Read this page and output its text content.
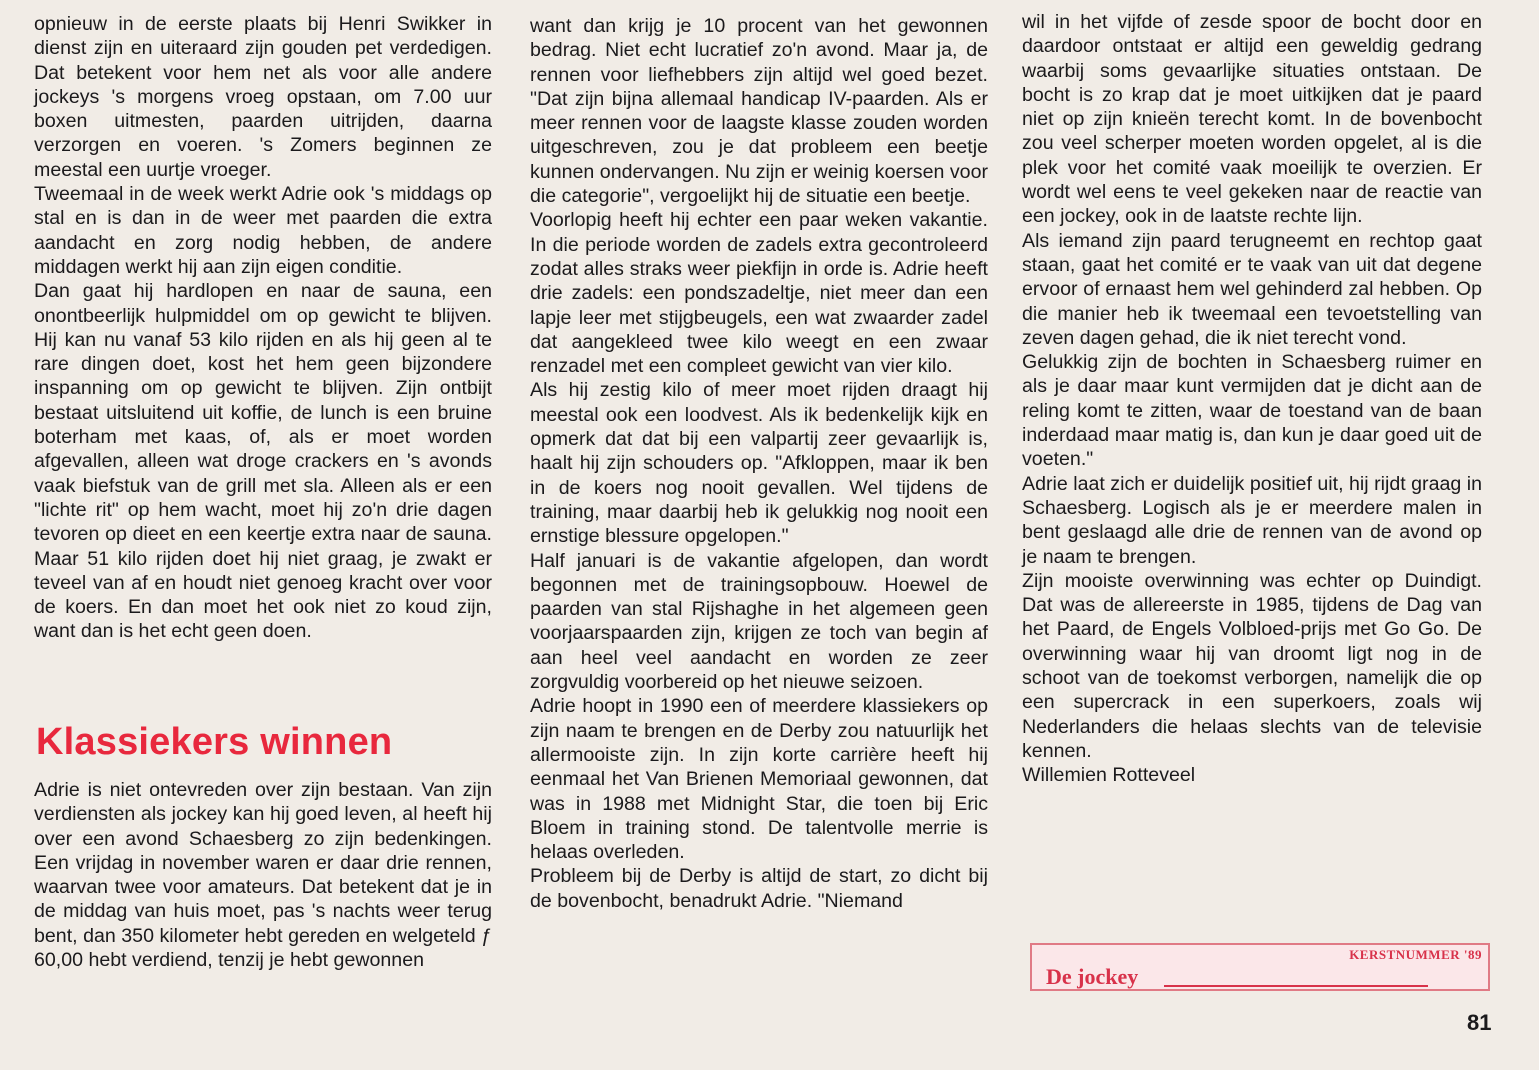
opnieuw in de eerste plaats bij Henri Swikker in dienst zijn en uiteraard zijn gouden pet verdedigen. Dat betekent voor hem net als voor alle andere jockeys 's morgens vroeg opstaan, om 7.00 uur boxen uitmesten, paarden uitrijden, daarna verzorgen en voeren. 's Zomers beginnen ze meestal een uurtje vroeger.

Tweemaal in de week werkt Adrie ook 's middags op stal en is dan in de weer met paarden die extra aandacht en zorg nodig hebben, de andere middagen werkt hij aan zijn eigen conditie.

Dan gaat hij hardlopen en naar de sauna, een onontbeerlijk hulpmiddel om op gewicht te blijven. Hij kan nu vanaf 53 kilo rijden en als hij geen al te rare dingen doet, kost het hem geen bijzondere inspanning om op gewicht te blijven. Zijn ontbijt bestaat uitsluitend uit koffie, de lunch is een bruine boterham met kaas, of, als er moet worden afgevallen, alleen wat droge crackers en 's avonds vaak biefstuk van de grill met sla. Alleen als er een "lichte rit" op hem wacht, moet hij zo'n drie dagen tevoren op dieet en een keertje extra naar de sauna. Maar 51 kilo rijden doet hij niet graag, je zwakt er teveel van af en houdt niet genoeg kracht over voor de koers. En dan moet het ook niet zo koud zijn, want dan is het echt geen doen.

Klassiekers winnen

Adrie is niet ontevreden over zijn bestaan. Van zijn verdiensten als jockey kan hij goed leven, al heeft hij over een avond Schaesberg zo zijn bedenkingen. Een vrijdag in november waren er daar drie rennen, waarvan twee voor amateurs. Dat betekent dat je in de middag van huis moet, pas 's nachts weer terug bent, dan 350 kilometer hebt gereden en welgeteld ƒ 60,00 hebt verdiend, tenzij je hebt gewonnen

want dan krijg je 10 procent van het gewonnen bedrag. Niet echt lucratief zo'n avond. Maar ja, de rennen voor liefhebbers zijn altijd wel goed bezet. "Dat zijn bijna allemaal handicap IV-paarden. Als er meer rennen voor de laagste klasse zouden worden uitgeschreven, zou je dat probleem een beetje kunnen ondervangen. Nu zijn er weinig koersen voor die categorie", vergoelijkt hij de situatie een beetje.

Voorlopig heeft hij echter een paar weken vakantie. In die periode worden de zadels extra gecontroleerd zodat alles straks weer piekfijn in orde is. Adrie heeft drie zadels: een pondszadeltje, niet meer dan een lapje leer met stijgbeugels, een wat zwaarder zadel dat aangekleed twee kilo weegt en een zwaar renzadel met een compleet gewicht van vier kilo.

Als hij zestig kilo of meer moet rijden draagt hij meestal ook een loodvest. Als ik bedenkelijk kijk en opmerk dat dat bij een valpartij zeer gevaarlijk is, haalt hij zijn schouders op. "Afkloppen, maar ik ben in de koers nog nooit gevallen. Wel tijdens de training, maar daarbij heb ik gelukkig nog nooit een ernstige blessure opgelopen."

Half januari is de vakantie afgelopen, dan wordt begonnen met de trainingsopbouw. Hoewel de paarden van stal Rijshaghe in het algemeen geen voorjaarspaarden zijn, krijgen ze toch van begin af aan heel veel aandacht en worden ze zeer zorgvuldig voorbereid op het nieuwe seizoen.

Adrie hoopt in 1990 een of meerdere klassiekers op zijn naam te brengen en de Derby zou natuurlijk het allermooiste zijn. In zijn korte carrière heeft hij eenmaal het Van Brienen Memoriaal gewonnen, dat was in 1988 met Midnight Star, die toen bij Eric Bloem in training stond. De talentvolle merrie is helaas overleden.

Probleem bij de Derby is altijd de start, zo dicht bij de bovenbocht, benadrukt Adrie. "Niemand

wil in het vijfde of zesde spoor de bocht door en daardoor ontstaat er altijd een geweldig gedrang waarbij soms gevaarlijke situaties ontstaan. De bocht is zo krap dat je moet uitkijken dat je paard niet op zijn knieën terecht komt. In de bovenbocht zou veel scherper moeten worden opgelet, al is die plek voor het comité vaak moeilijk te overzien. Er wordt wel eens te veel gekeken naar de reactie van een jockey, ook in de laatste rechte lijn.

Als iemand zijn paard terugneemt en rechtop gaat staan, gaat het comité er te vaak van uit dat degene ervoor of ernaast hem wel gehinderd zal hebben. Op die manier heb ik tweemaal een tevoetstelling van zeven dagen gehad, die ik niet terecht vond.

Gelukkig zijn de bochten in Schaesberg ruimer en als je daar maar kunt vermijden dat je dicht aan de reling komt te zitten, waar de toestand van de baan inderdaad maar matig is, dan kun je daar goed uit de voeten."

Adrie laat zich er duidelijk positief uit, hij rijdt graag in Schaesberg. Logisch als je er meerdere malen in bent geslaagd alle drie de rennen van de avond op je naam te brengen.

Zijn mooiste overwinning was echter op Duindigt. Dat was de allereerste in 1985, tijdens de Dag van het Paard, de Engels Volbloed-prijs met Go Go. De overwinning waar hij van droomt ligt nog in de schoot van de toekomst verborgen, namelijk die op een supercrack in een superkoers, zoals wij Nederlanders die helaas slechts van de televisie kennen.

Willemien Rotteveel

KERSTNUMMER '89
De jockey
81
